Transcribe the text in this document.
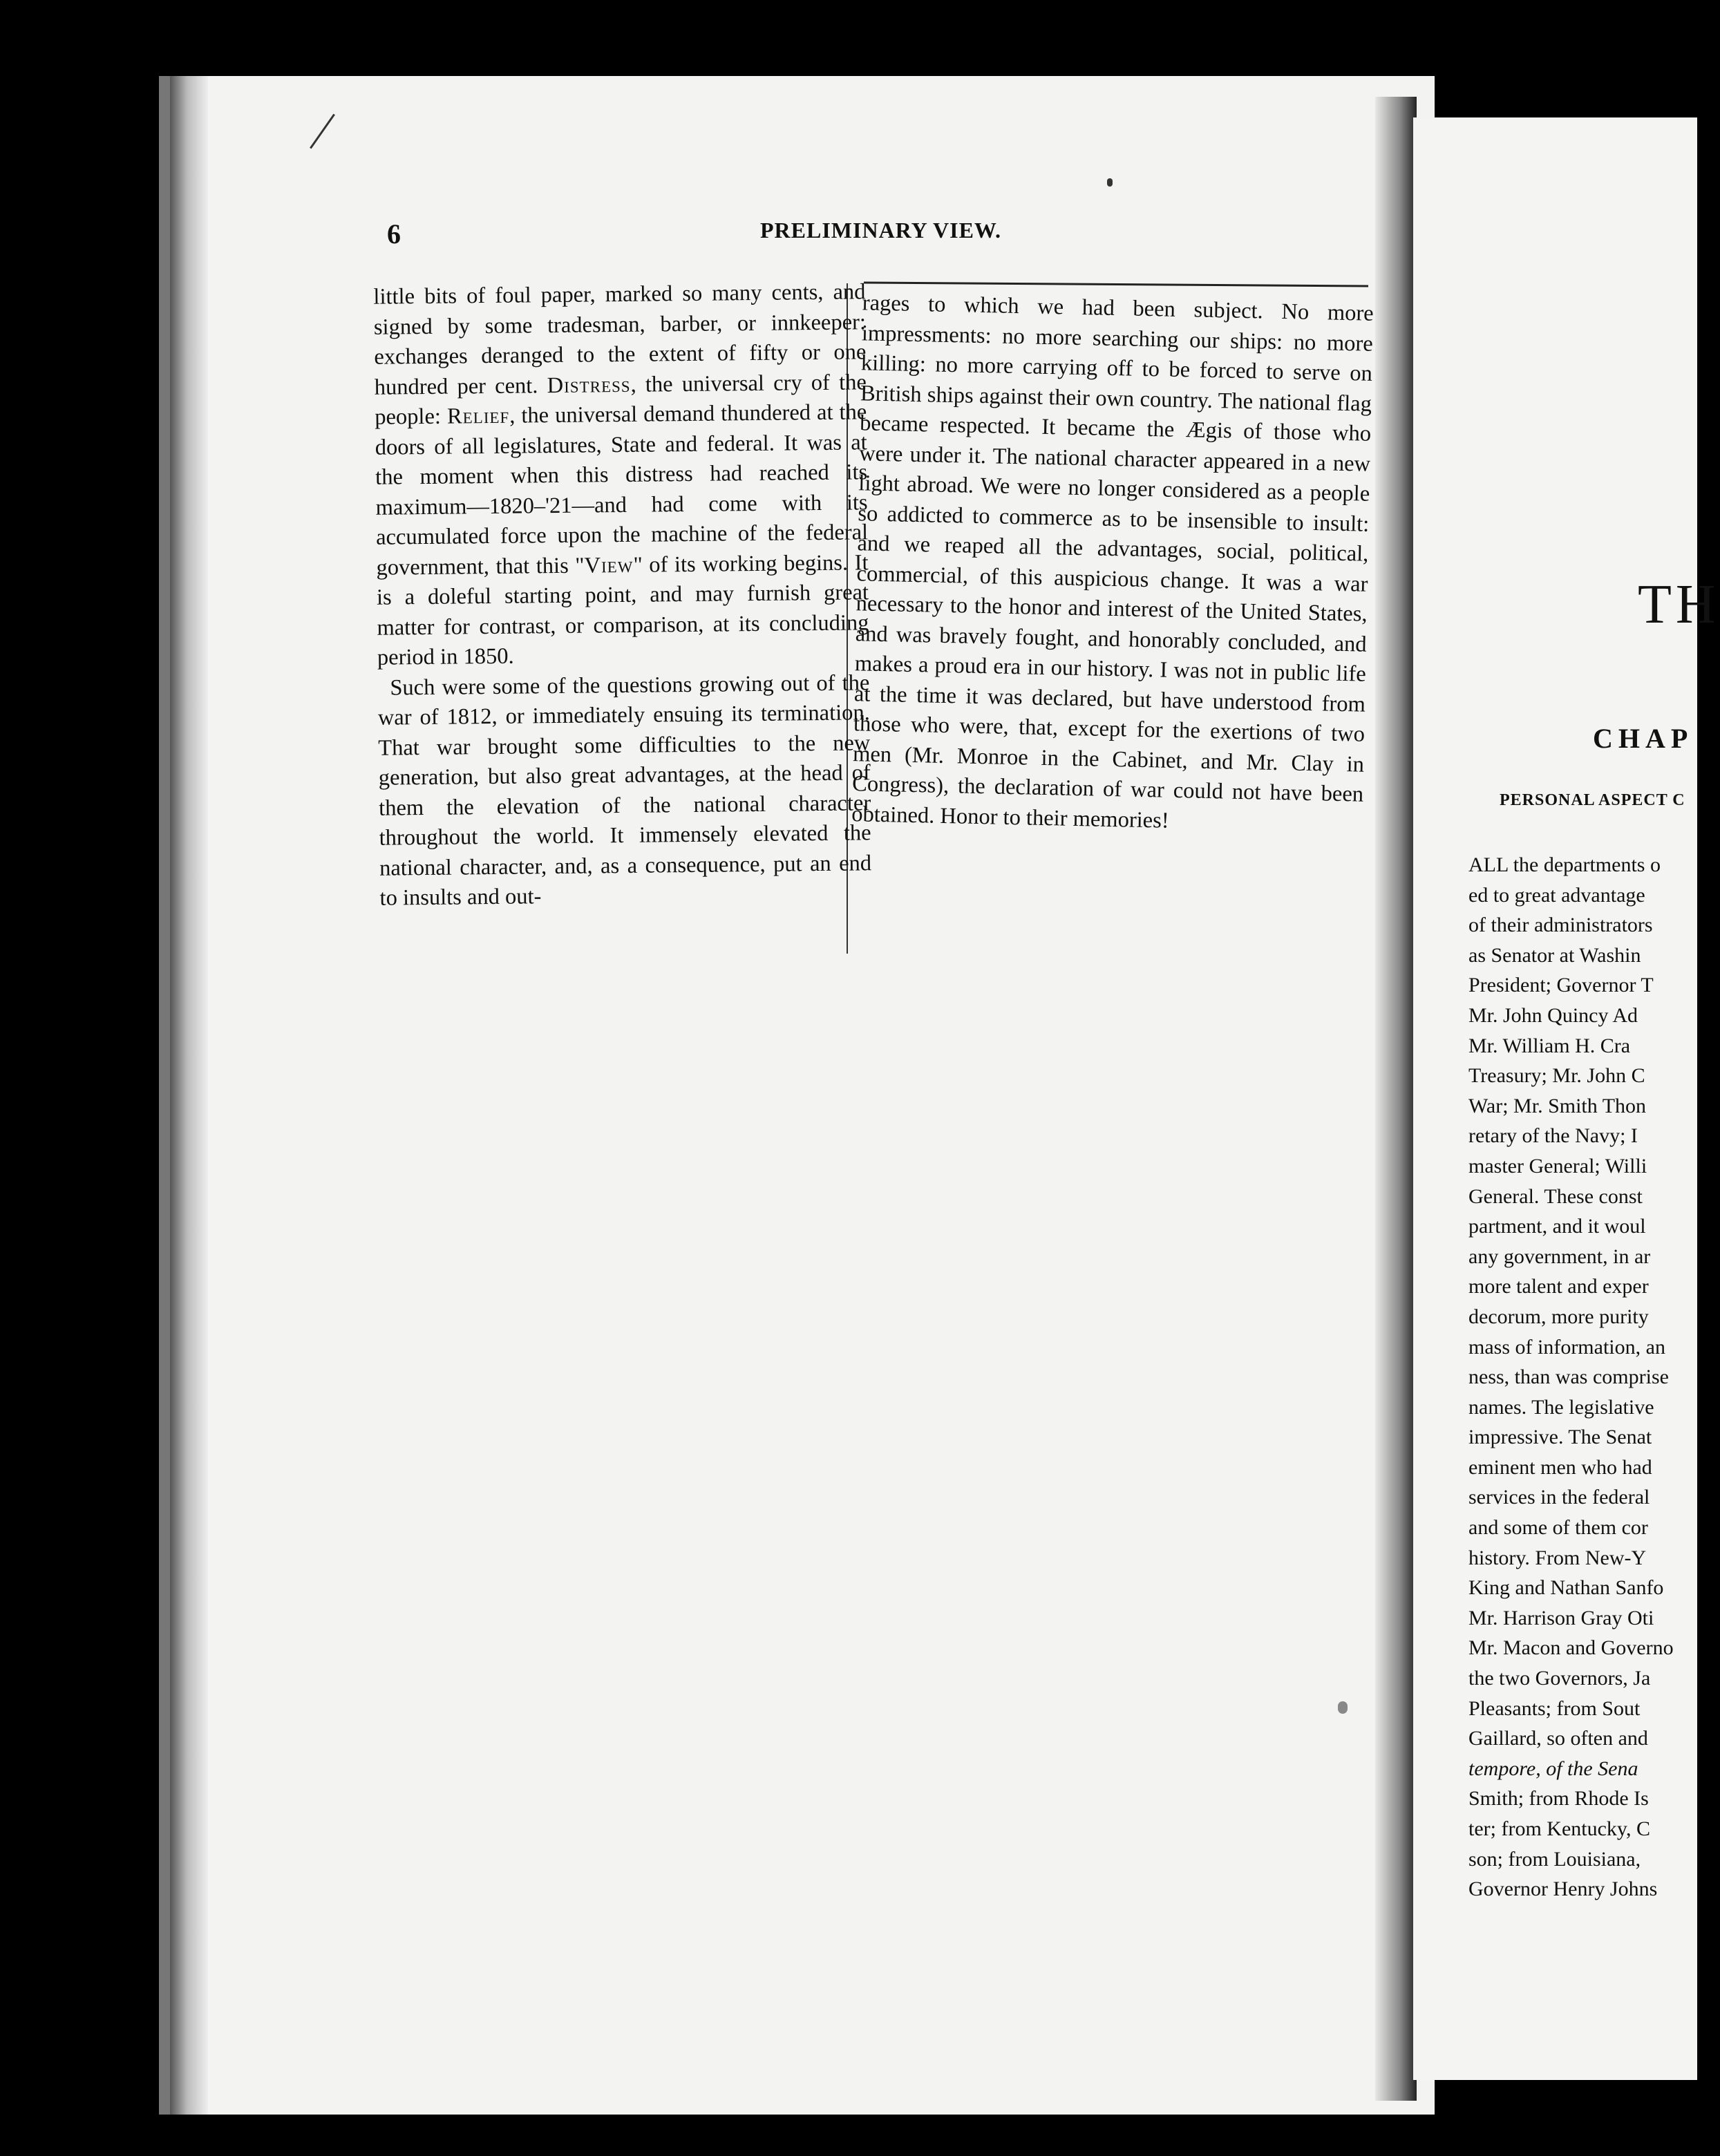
6	PRELIMINARY VIEW.

little bits of foul paper, marked so many cents, and signed by some tradesman, barber, or innkeeper: exchanges deranged to the extent of fifty or one hundred per cent. Distress, the universal cry of the people: Relief, the universal demand thundered at the doors of all legislatures, State and federal. It was at the moment when this distress had reached its maximum—1820–'21—and had come with its accumulated force upon the machine of the federal government, that this "View" of its working begins. It is a doleful starting point, and may furnish great matter for contrast, or comparison, at its concluding period in 1850.

Such were some of the questions growing out of the war of 1812, or immediately ensuing its termination. That war brought some difficulties to the new generation, but also great advantages, at the head of them the elevation of the national character throughout the world. It immensely elevated the national character, and, as a consequence, put an end to insults and out-

rages to which we had been subject. No more impressments: no more searching our ships: no more killing: no more carrying off to be forced to serve on British ships against their own country. The national flag became respected. It became the Ægis of those who were under it. The national character appeared in a new light abroad. We were no longer considered as a people so addicted to commerce as to be insensible to insult: and we reaped all the advantages, social, political, commercial, of this auspicious change. It was a war necessary to the honor and interest of the United States, and was bravely fought, and honorably concluded, and makes a proud era in our history. I was not in public life at the time it was declared, but have understood from those who were, that, except for the exertions of two men (Mr. Monroe in the Cabinet, and Mr. Clay in Congress), the declaration of war could not have been obtained. Honor to their memories!

TH
CHAP
PERSONAL ASPECT C
ALL the departments o
ed to great advantage
of their administrators
as Senator at Washin
President; Governor T
Mr. John Quincy Ad
Mr. William H. Cra
Treasury; Mr. John C
War; Mr. Smith Thon
retary of the Navy; I
master General; Willi
General. These const
partment, and it woul
any government, in ar
more talent and exper
decorum, more purity
mass of information, an
ness, than was comprise
names. The legislative
impressive. The Senat
eminent men who had
services in the federal
and some of them cor
history. From New-Y
King and Nathan Sanfo
Mr. Harrison Gray Oti
Mr. Macon and Governo
the two Governors, Ja
Pleasants; from Sout
Gaillard, so often and
tempore, of the Sena
Smith; from Rhode Is
ter; from Kentucky, C
son; from Louisiana,
Governor Henry Johns
